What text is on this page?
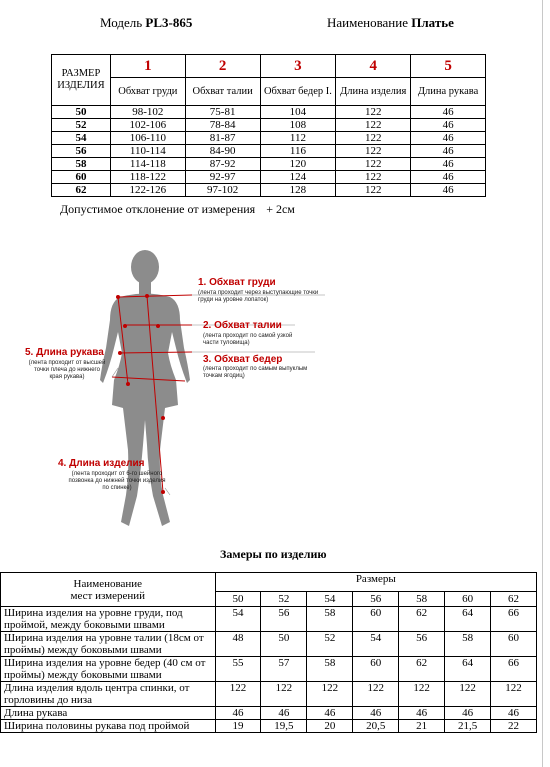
Модель PL3-865	Наименование Платье
РАЗМЕР
ИЗДЕЛИЯ	1	2	3	4	5
	Обхват груди	Обхват талии	Обхват бедер I.	Длина изделия	Длина рукава
50	98-102	75-81	104	122	46
52	102-106	78-84	108	122	46
54	106-110	81-87	112	122	46
56	110-114	84-90	116	122	46
58	114-118	87-92	120	122	46
60	118-122	92-97	124	122	46
62	122-126	97-102	128	122	46
Допустимое отклонение от измерения + 2см
1. Обхват груди
(лента проходит через выступающие точки груди на уровне лопаток)
2. Обхват талии
(лента проходит по самой узкой части туловища)
3. Обхват бедер
(лента проходит по самым выпуклым точкам ягодиц)
5. Длина рукава
(лента проходит от высшей точки плеча до нижнего края рукава)
4. Длина изделия
(лента проходит от 6-го шейного позвонка до нижней точки изделия по спинке)
Замеры по изделию
Наименование
мест измерений	Размеры						
	50	52	54	56	58	60	62
Ширина изделия на уровне груди, под проймой, между боковыми швами	54	56	58	60	62	64	66
Ширина изделия на уровне талии (18см от проймы) между боковыми швами	48	50	52	54	56	58	60
Ширина изделия на уровне бедер (40 см от проймы) между боковыми швами	55	57	58	60	62	64	66
Длина изделия вдоль центра спинки, от горловины до низа	122	122	122	122	122	122	122
Длина рукава	46	46	46	46	46	46	46
Ширина половины рукава под проймой	19	19,5	20	20,5	21	21,5	22
